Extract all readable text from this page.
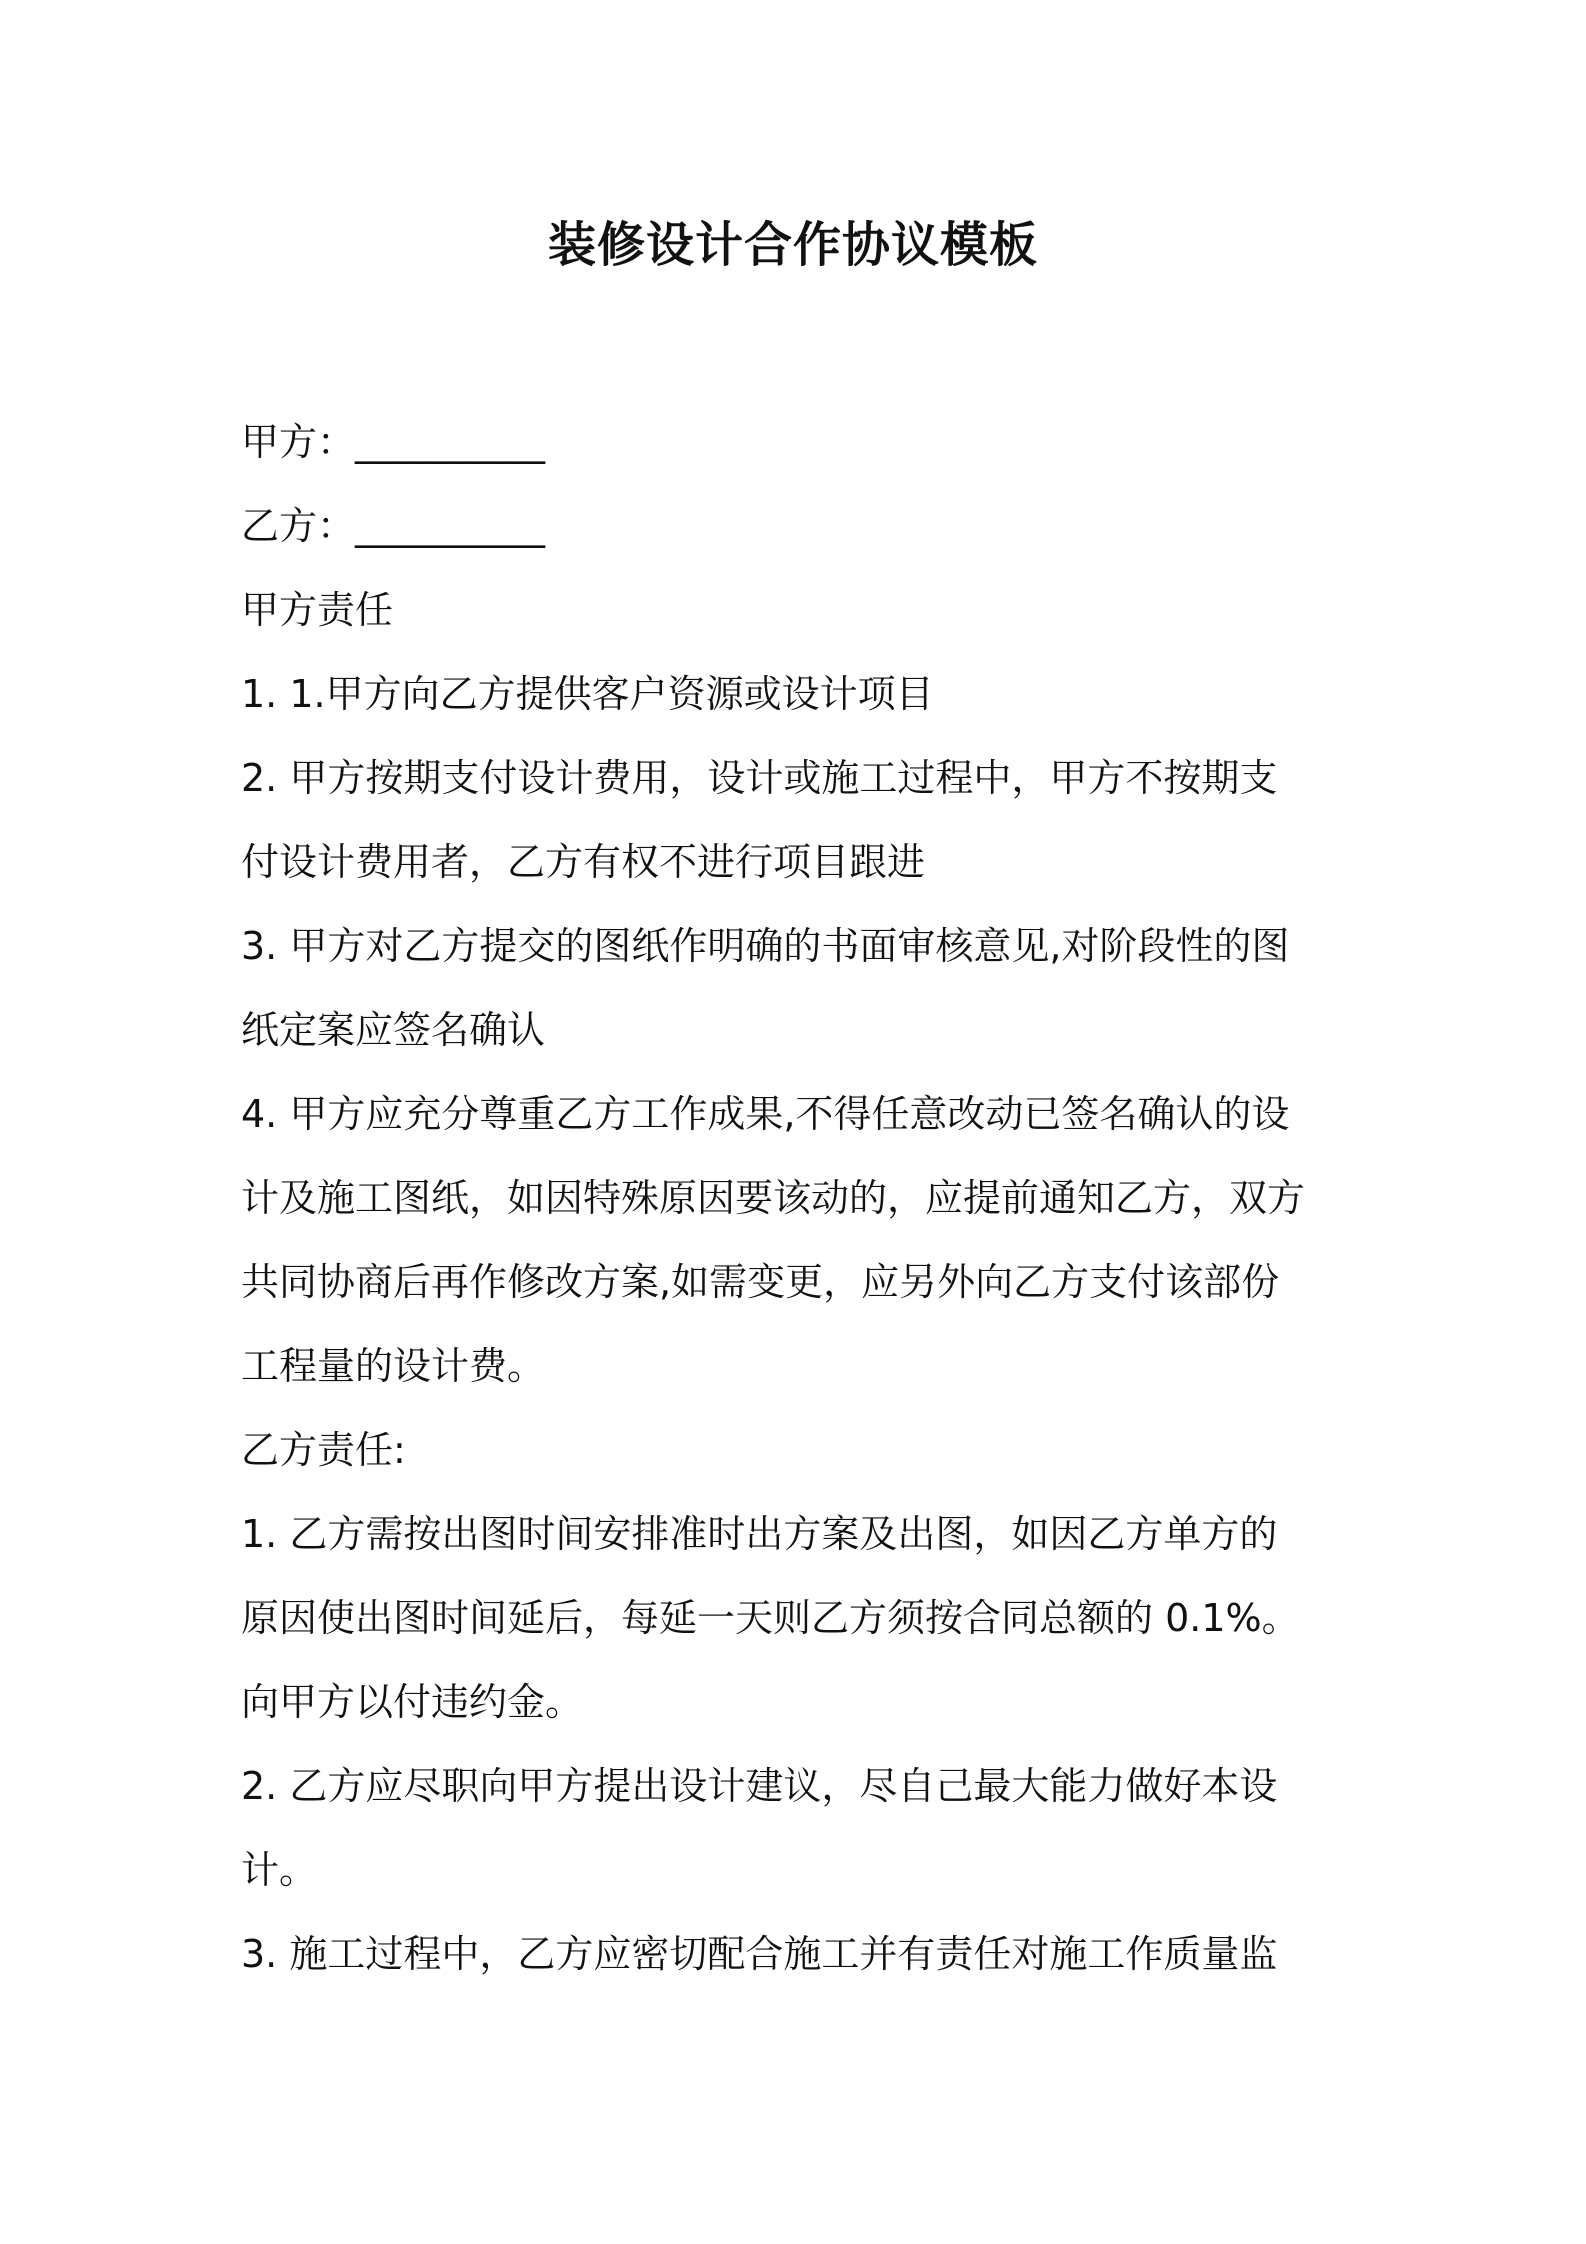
装修设计合作协议模板
甲方：__________
乙方：__________
甲方责任
1. 1.甲方向乙方提供客户资源或设计项目
2. 甲方按期支付设计费用，设计或施工过程中，甲方不按期支
付设计费用者，乙方有权不进行项目跟进
3. 甲方对乙方提交的图纸作明确的书面审核意见,对阶段性的图
纸定案应签名确认
4. 甲方应充分尊重乙方工作成果,不得任意改动已签名确认的设
计及施工图纸，如因特殊原因要该动的，应提前通知乙方，双方
共同协商后再作修改方案,如需变更，应另外向乙方支付该部份
工程量的设计费。
乙方责任:
1. 乙方需按出图时间安排准时出方案及出图，如因乙方单方的
原因使出图时间延后，每延一天则乙方须按合同总额的 0.1%。
向甲方以付违约金。
2. 乙方应尽职向甲方提出设计建议，尽自己最大能力做好本设
计。
3. 施工过程中，乙方应密切配合施工并有责任对施工作质量监
